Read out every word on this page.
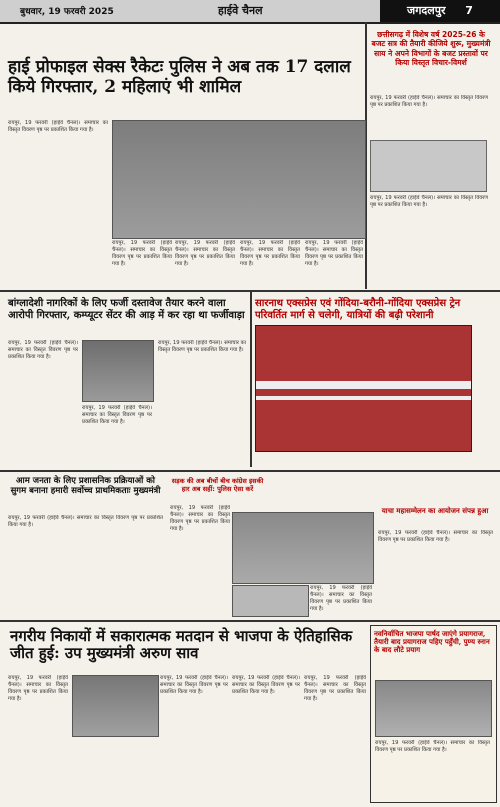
बुधवार, 19 फरवरी 2025	हाईवे चैनल	जगदलपुर 7
हाई प्रोफाइल सेक्स रैकेटः पुलिस ने अब तक 17 दलाल किये गिरफ्तार, 2 महिलाएं भी शामिल
छत्तीसगढ़ में विशेष वर्ष 2025-26 के बजट सत्र की तैयारी कीजिये शुरू, मुख्यमंत्री साय ने अपने विभागों के बजट प्रस्तावों पर किया विस्तृत विचार-विमर्श
रायपुर, 19 फरवरी (हाईवे चैनल)। समाचार का विस्तृत विवरण पृष्ठ पर प्रकाशित किया गया है।
रायपुर, 19 फरवरी (हाईवे चैनल)। समाचार का विस्तृत विवरण पृष्ठ पर प्रकाशित किया गया है।
रायपुर, 19 फरवरी (हाईवे चैनल)। समाचार का विस्तृत विवरण पृष्ठ पर प्रकाशित किया गया है।
रायपुर, 19 फरवरी (हाईवे चैनल)। समाचार का विस्तृत विवरण पृष्ठ पर प्रकाशित किया गया है।
रायपुर, 19 फरवरी (हाईवे चैनल)। समाचार का विस्तृत विवरण पृष्ठ पर प्रकाशित किया गया है।
रायपुर, 19 फरवरी (हाईवे चैनल)। समाचार का विस्तृत विवरण पृष्ठ पर प्रकाशित किया गया है।
रायपुर, 19 फरवरी (हाईवे चैनल)। समाचार का विस्तृत विवरण पृष्ठ पर प्रकाशित किया गया है।
बांग्लादेशी नागरिकों के लिए फर्जी दस्तावेज तैयार करने वाला आरोपी गिरफ्तार, कम्प्यूटर सेंटर की आड़ में कर रहा था फर्जीवाड़ा
सारनाथ एक्सप्रेस एवं गोंदिया-बरौनी-गोंदिया एक्सप्रेस ट्रेन परिवर्तित मार्ग से चलेगी, यात्रियों की बढ़ी परेशानी
रायपुर, 19 फरवरी (हाईवे चैनल)। समाचार का विस्तृत विवरण पृष्ठ पर प्रकाशित किया गया है।
रायपुर, 19 फरवरी (हाईवे चैनल)। समाचार का विस्तृत विवरण पृष्ठ पर प्रकाशित किया गया है।
रायपुर, 19 फरवरी (हाईवे चैनल)। समाचार का विस्तृत विवरण पृष्ठ पर प्रकाशित किया गया है।
आम जनता के लिए प्रशासनिक प्रक्रियाओं को सुगम बनाना हमारी सर्वोच्च प्राथमिकताः मुख्यमंत्री
रायपुर, 19 फरवरी (हाईवे चैनल)। समाचार का विस्तृत विवरण पृष्ठ पर प्रकाशित किया गया है।
सड़क की अब बीचों बीच कांग्रेस इसकी हार अब सहीं: पुलिस ऐसा करें
रायपुर, 19 फरवरी (हाईवे चैनल)। समाचार का विस्तृत विवरण पृष्ठ पर प्रकाशित किया गया है।
रायपुर, 19 फरवरी (हाईवे चैनल)। समाचार का विस्तृत विवरण पृष्ठ पर प्रकाशित किया गया है।
याचा महासम्मेलन का आयोजन संपन्न हुआ
रायपुर, 19 फरवरी (हाईवे चैनल)। समाचार का विस्तृत विवरण पृष्ठ पर प्रकाशित किया गया है।
नगरीय निकायों में सकारात्मक मतदान से भाजपा के ऐतिहासिक जीत हुई: उप मुख्यमंत्री अरुण साव
रायपुर, 19 फरवरी (हाईवे चैनल)। समाचार का विस्तृत विवरण पृष्ठ पर प्रकाशित किया गया है।
रायपुर, 19 फरवरी (हाईवे चैनल)। समाचार का विस्तृत विवरण पृष्ठ पर प्रकाशित किया गया है।
रायपुर, 19 फरवरी (हाईवे चैनल)। समाचार का विस्तृत विवरण पृष्ठ पर प्रकाशित किया गया है।
रायपुर, 19 फरवरी (हाईवे चैनल)। समाचार का विस्तृत विवरण पृष्ठ पर प्रकाशित किया गया है।
नवनिर्वाचित भाजपा पार्षद जाएंगे प्रयागराज, तैयारी बाद प्रयागराज पहिए पहुँची, पुण्य स्नान के बाद लौटे प्रयाग
रायपुर, 19 फरवरी (हाईवे चैनल)। समाचार का विस्तृत विवरण पृष्ठ पर प्रकाशित किया गया है।
